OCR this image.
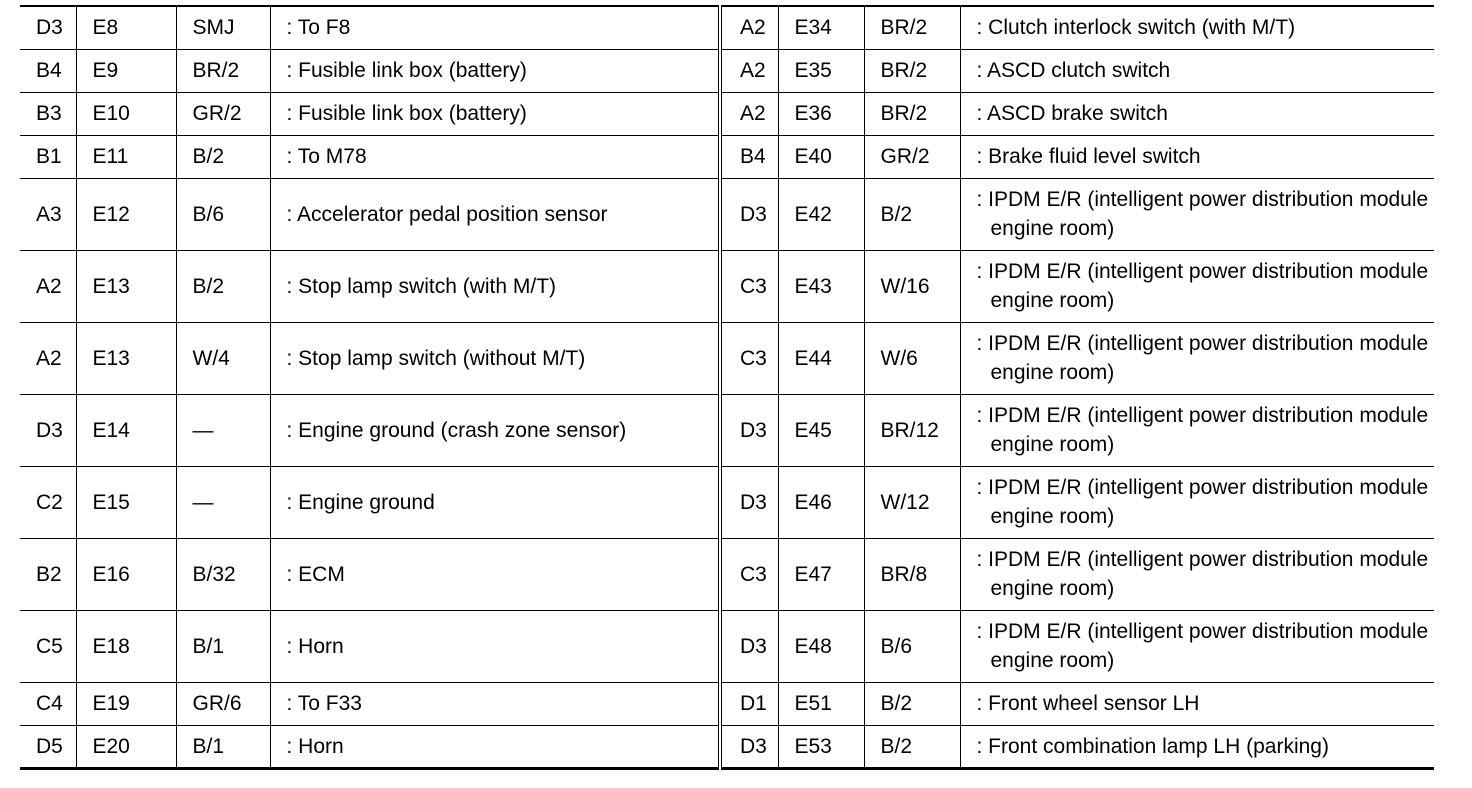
D3	E8	SMJ	: To F8	A2	E34	BR/2	: Clutch interlock switch (with M/T)

B4	E9	BR/2	: Fusible link box (battery)	A2	E35	BR/2	: ASCD clutch switch

B3	E10	GR/2	: Fusible link box (battery)	A2	E36	BR/2	: ASCD brake switch

B1	E11	B/2	: To M78	B4	E40	GR/2	: Brake fluid level switch

A3	E12	B/6	: Accelerator pedal position sensor	D3	E42	B/2	: IPDM E/R (intelligent power distribution module engine room)

A2	E13	B/2	: Stop lamp switch (with M/T)	C3	E43	W/16	: IPDM E/R (intelligent power distribution module engine room)

A2	E13	W/4	: Stop lamp switch (without M/T)	C3	E44	W/6	: IPDM E/R (intelligent power distribution module engine room)

D3	E14	—	: Engine ground (crash zone sensor)	D3	E45	BR/12	: IPDM E/R (intelligent power distribution module engine room)

C2	E15	—	: Engine ground	D3	E46	W/12	: IPDM E/R (intelligent power distribution module engine room)

B2	E16	B/32	: ECM	C3	E47	BR/8	: IPDM E/R (intelligent power distribution module engine room)

C5	E18	B/1	: Horn	D3	E48	B/6	: IPDM E/R (intelligent power distribution module engine room)

C4	E19	GR/6	: To F33	D1	E51	B/2	: Front wheel sensor LH

D5	E20	B/1	: Horn	D3	E53	B/2	: Front combination lamp LH (parking)
